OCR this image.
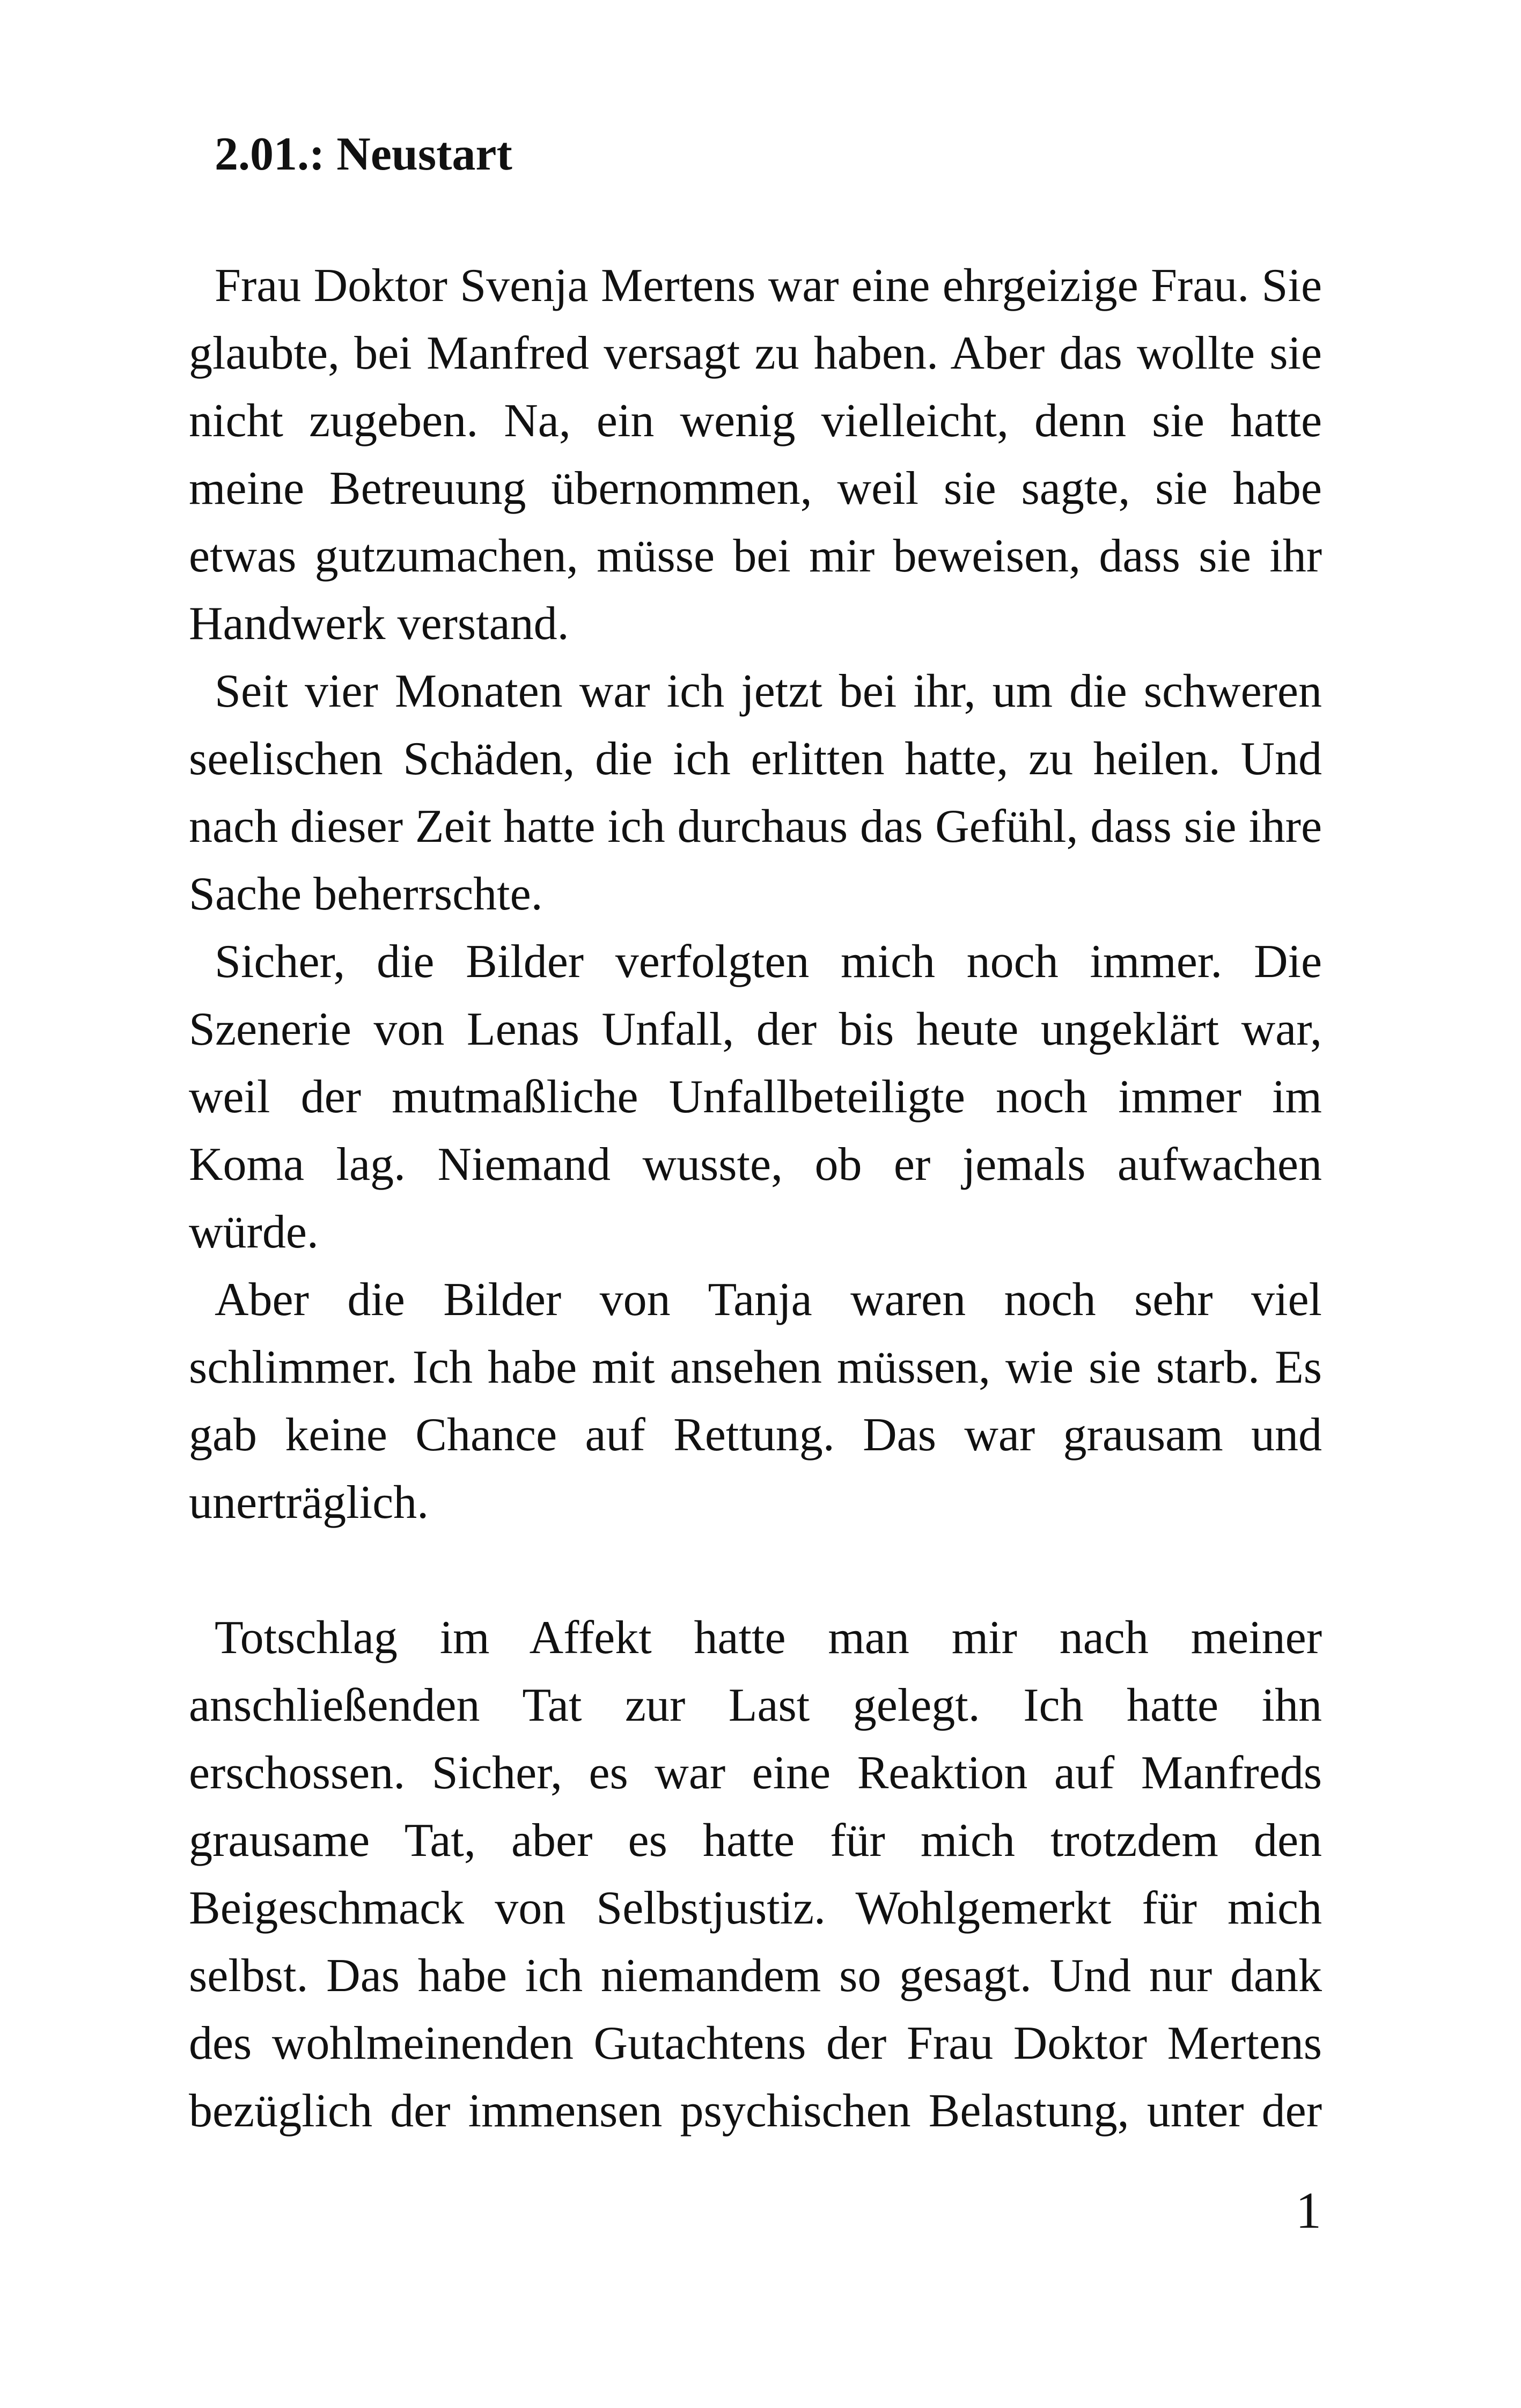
2.01.: Neustart

Frau Doktor Svenja Mertens war eine ehrgeizige Frau. Sie glaubte, bei Manfred versagt zu haben. Aber das wollte sie nicht zugeben. Na, ein wenig vielleicht, denn sie hatte meine Betreuung übernommen, weil sie sagte, sie habe etwas gutzumachen, müsse bei mir beweisen, dass sie ihr Handwerk verstand.

Seit vier Monaten war ich jetzt bei ihr, um die schweren seelischen Schäden, die ich erlitten hatte, zu heilen. Und nach dieser Zeit hatte ich durchaus das Gefühl, dass sie ihre Sache beherrschte.

Sicher, die Bilder verfolgten mich noch immer. Die Szenerie von Lenas Unfall, der bis heute ungeklärt war, weil der mutmaßliche Unfallbeteiligte noch immer im Koma lag. Niemand wusste, ob er jemals aufwachen würde.

Aber die Bilder von Tanja waren noch sehr viel schlimmer. Ich habe mit ansehen müssen, wie sie starb. Es gab keine Chance auf Rettung. Das war grausam und unerträglich.

Totschlag im Affekt hatte man mir nach meiner anschließenden Tat zur Last gelegt. Ich hatte ihn erschossen. Sicher, es war eine Reaktion auf Manfreds grausame Tat, aber es hatte für mich trotzdem den Beigeschmack von Selbstjustiz. Wohlgemerkt für mich selbst. Das habe ich niemandem so gesagt. Und nur dank des wohlmeinenden Gutachtens der Frau Doktor Mertens bezüglich der immensen psychischen Belastung, unter der

1
